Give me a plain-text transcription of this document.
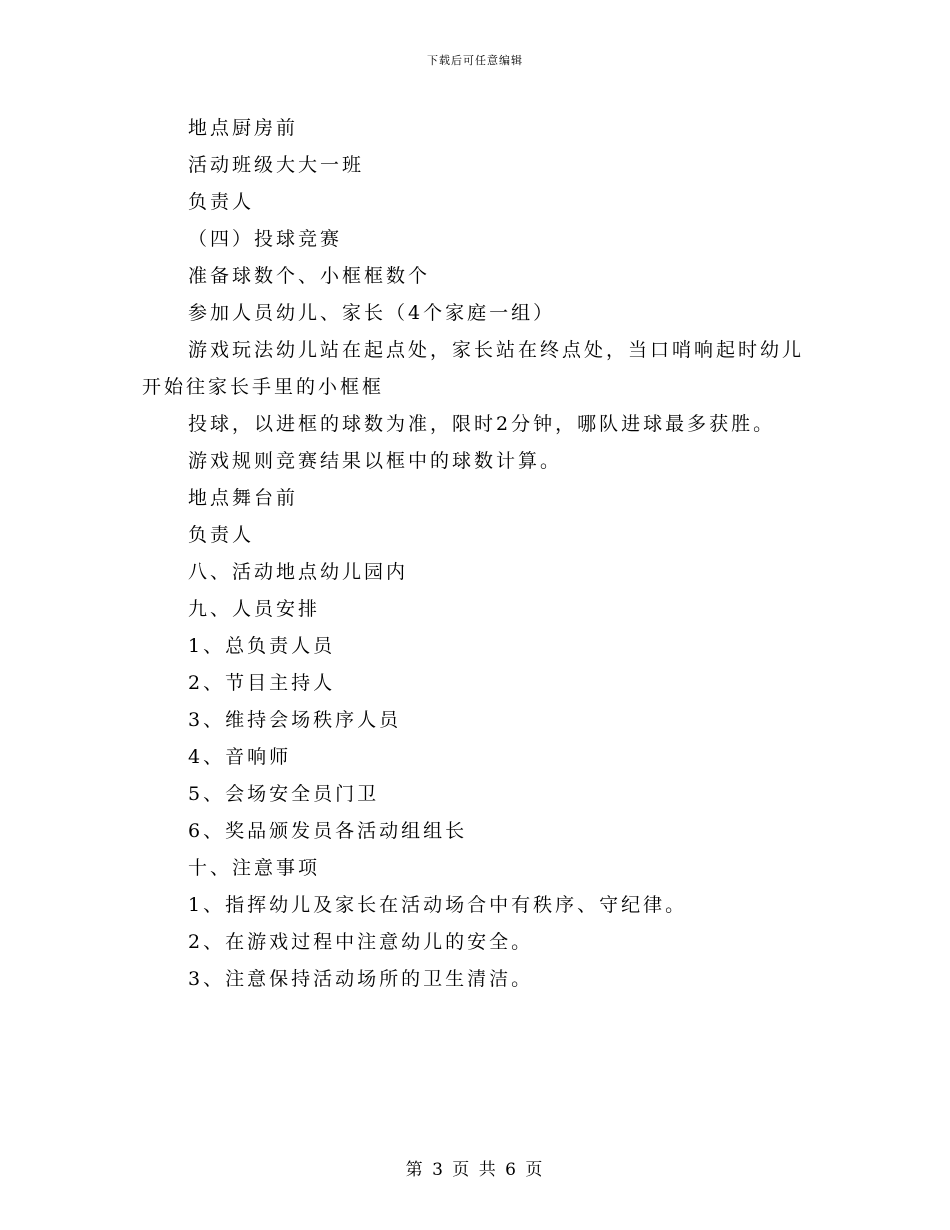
下载后可任意编辑
地点厨房前
活动班级大大一班
负责人
（四）投球竞赛
准备球数个、小框框数个
参加人员幼儿、家长（4个家庭一组）
游戏玩法幼儿站在起点处，家长站在终点处，当口哨响起时幼儿
开始往家长手里的小框框
投球，以进框的球数为准，限时2分钟，哪队进球最多获胜。
游戏规则竞赛结果以框中的球数计算。
地点舞台前
负责人
八、活动地点幼儿园内
九、人员安排
1、总负责人员
2、节目主持人
3、维持会场秩序人员
4、音响师
5、会场安全员门卫
6、奖品颁发员各活动组组长
十、注意事项
1、指挥幼儿及家长在活动场合中有秩序、守纪律。
2、在游戏过程中注意幼儿的安全。
3、注意保持活动场所的卫生清洁。
第 3 页 共 6 页
